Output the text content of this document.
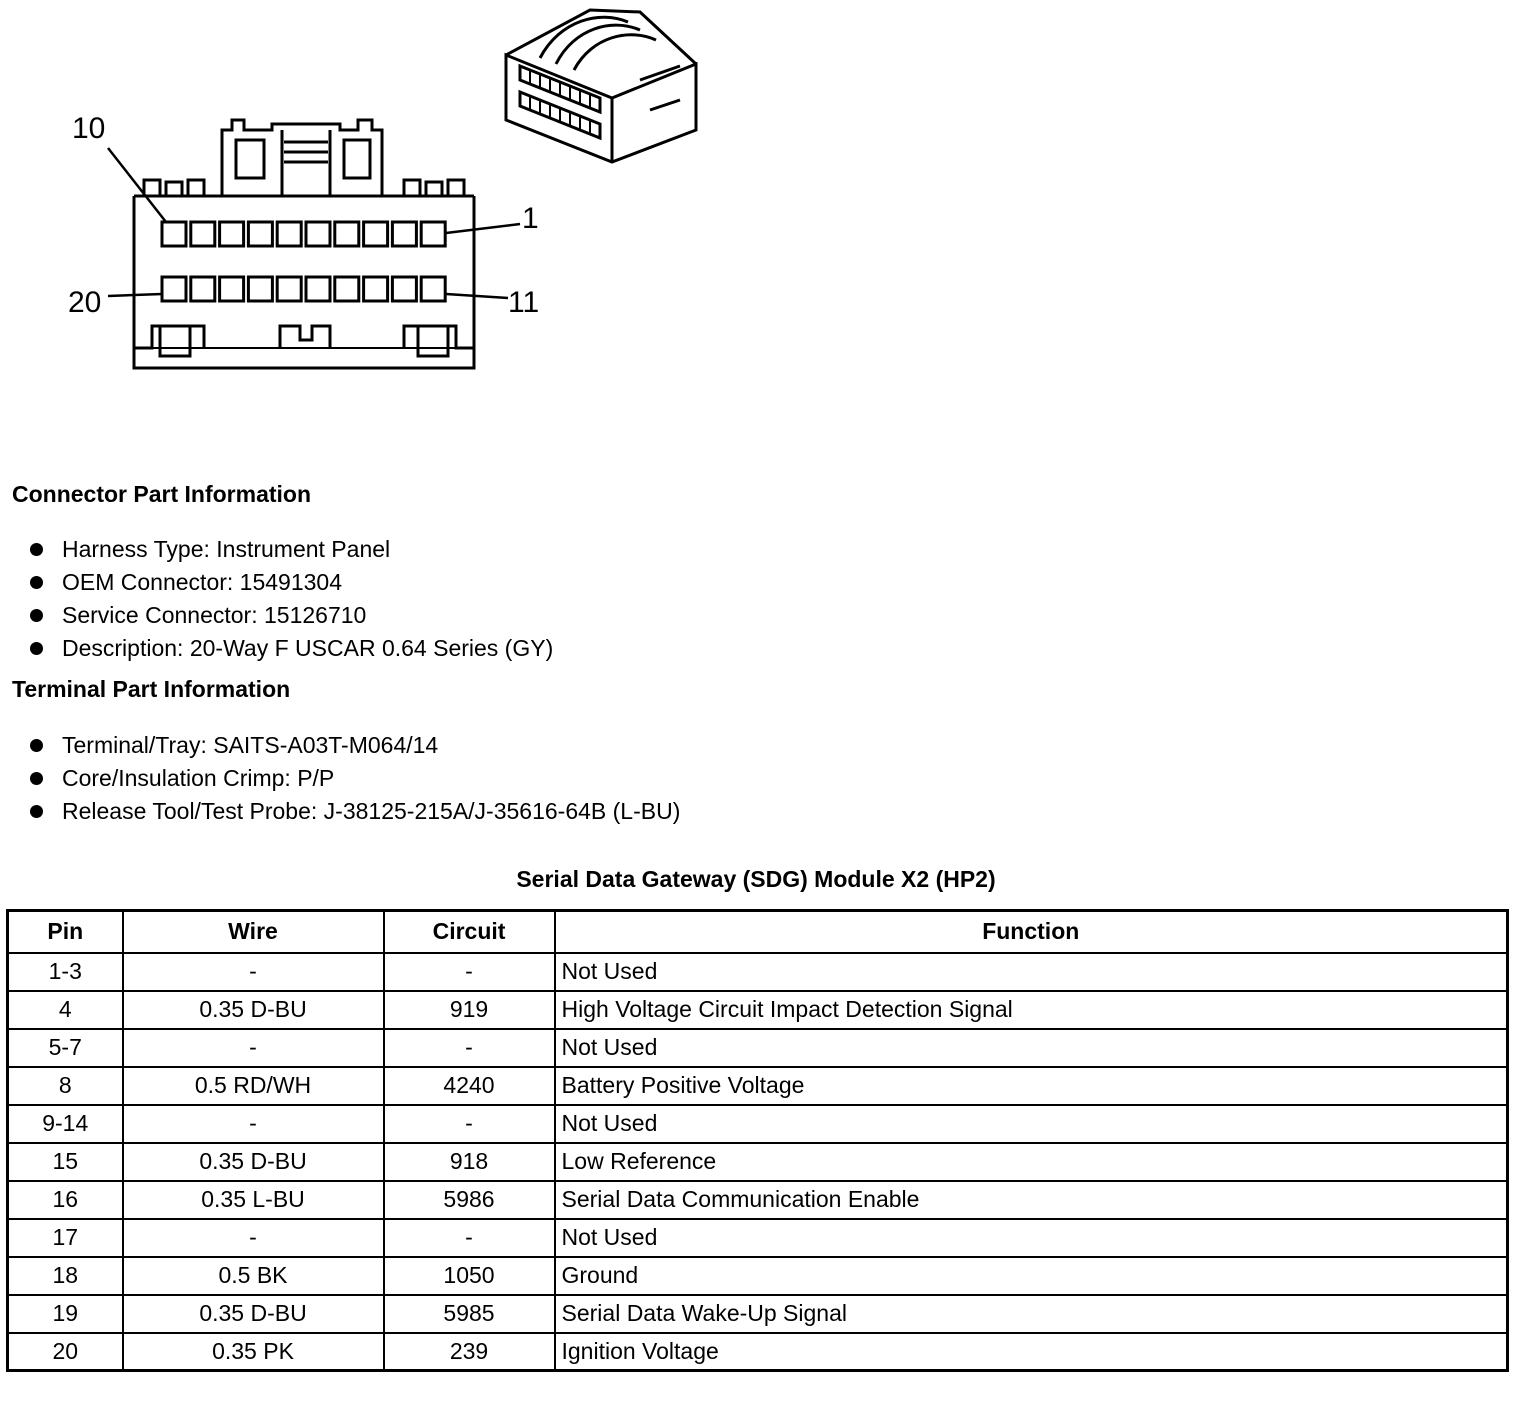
10
1
20	11
Connector Part Information
Harness Type: Instrument Panel
OEM Connector: 15491304
Service Connector: 15126710
Description: 20-Way F USCAR 0.64 Series (GY)
Terminal Part Information
Terminal/Tray: SAITS-A03T-M064/14
Core/Insulation Crimp: P/P
Release Tool/Test Probe: J-38125-215A/J-35616-64B (L-BU)
Serial Data Gateway (SDG) Module X2 (HP2)
Pin	Wire	Circuit	Function
1-3	-	-	Not Used
4	0.35 D-BU	919	High Voltage Circuit Impact Detection Signal
5-7	-	-	Not Used
8	0.5 RD/WH	4240	Battery Positive Voltage
9-14	-	-	Not Used
15	0.35 D-BU	918	Low Reference
16	0.35 L-BU	5986	Serial Data Communication Enable
17	-	-	Not Used
18	0.5 BK	1050	Ground
19	0.35 D-BU	5985	Serial Data Wake-Up Signal
20	0.35 PK	239	Ignition Voltage
